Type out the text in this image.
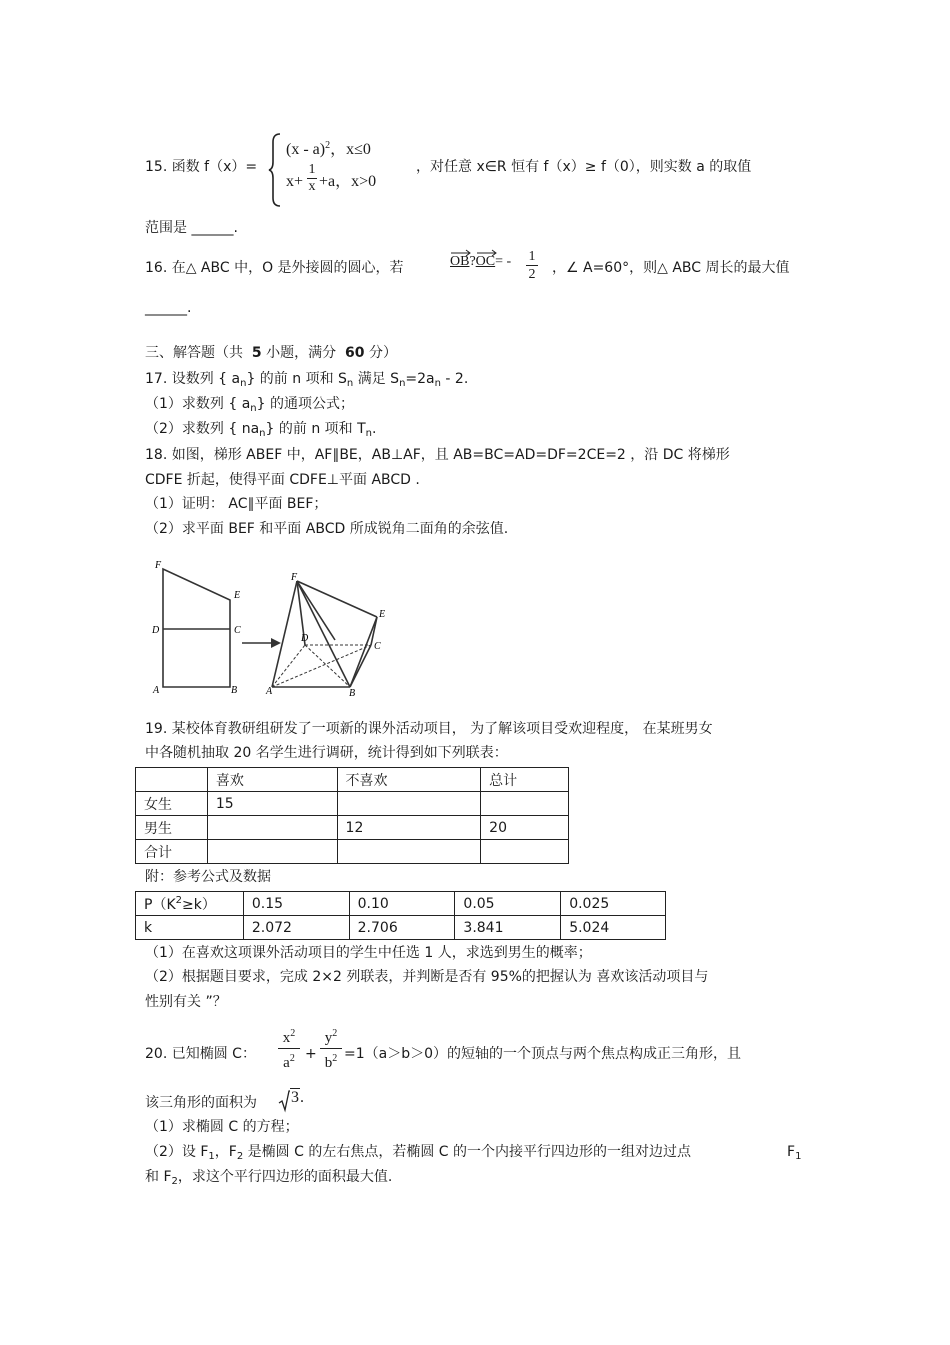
15. 函数 f（x）=
(x - a)$^2$，x≤0
$x+ \frac{1}{x} +a$，x>0
，对任意 x∈R 恒有 f（x）≥ f（0），则实数 a 的取值
范围是 ______.
16. 在△ ABC 中，O 是外接圆的圆心，若	OB?
$OC= - \frac{1}{2}$ ，∠ A=60°，则△ ABC 周长的最大值
______.
三、解答题（共 5 小题，满分 60 分）
17. 设数列 { $a_n$} 的前 n 项和 $S_n$ 满足 $S_n=2a_n - 2$.
（1）求数列 { $a_n$} 的通项公式；
（2）求数列 { $na_n$} 的前 n 项和 $T_n$.
18. 如图，梯形 ABEF 中，AF∥BE，AB⊥AF，且 AB=BC=AD=DF=2CE=2 ，沿 DC 将梯形
CDFE 折起，使得平面 CDFE⊥平面 ABCD .
（1）证明： AC∥平面 BEF；
（2）求平面 BEF 和平面 ABCD 所成锐角二面角的余弦值.
F
E
D	C
A	B
F
E
D
C
A	B
19. 某校体育教研组研发了一项新的课外活动项目， 为了解该项目受欢迎程度， 在某班男女
中各随机抽取 20 名学生进行调研，统计得到如下列联表：
	喜欢	不喜欢	总计
女生	15		
男生		12	20
合计			
附：参考公式及数据
$P(K^2\ge k)$	0.15	0.10	0.05	0.025
k	2.072	2.706	3.841	5.024
（1）在喜欢这项课外活动项目的学生中任选 1 人，求选到男生的概率；
（2）根据题目要求，完成 2×2 列联表，并判断是否有 95%的把握认为 喜欢该活动项目与
性别有关 ”？
20. 已知椭圆 C：
$x^2$
$a^2$ +
$y^2$
$b^2 =1(a>b>0)$的短轴的一个顶点与两个焦点构成正三角形，且
该三角形的面积为	3.
（1）求椭圆 C 的方程；
（2）设 $F_1$，$F_2$ 是椭圆 C 的左右焦点，若椭圆 C 的一个内接平行四边形的一组对边过点	$F_1$
和 $F_2$，求这个平行四边形的面积最大值.
